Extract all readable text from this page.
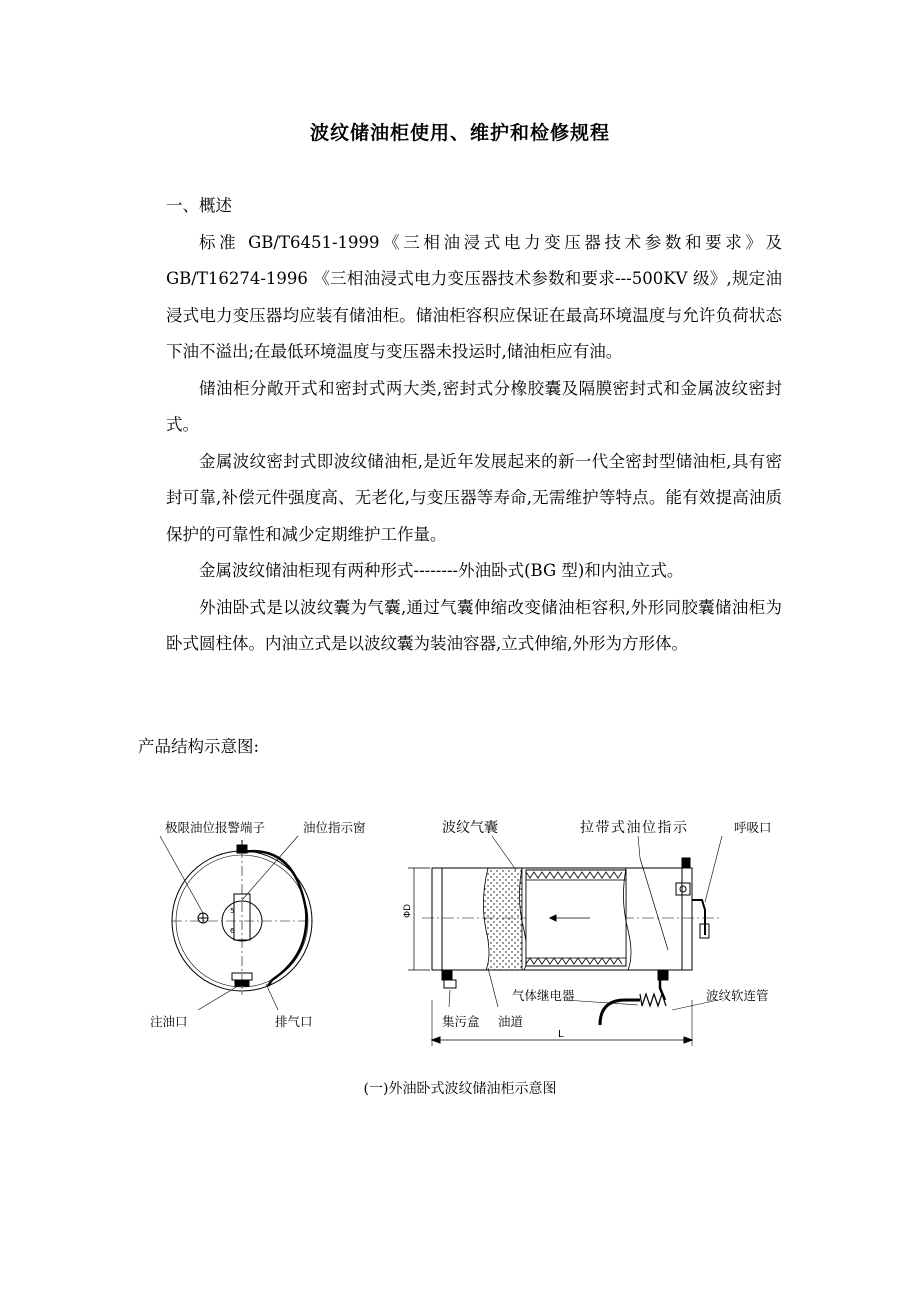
波纹储油柜使用、维护和检修规程

一、概述

标准 GB/T6451-1999《三相油浸式电力变压器技术参数和要求》及GB/T16274-1996 《三相油浸式电力变压器技术参数和要求---500KV 级》,规定油浸式电力变压器均应装有储油柜。储油柜容积应保证在最高环境温度与允许负荷状态下油不溢出;在最低环境温度与变压器未投运时,储油柜应有油。

储油柜分敞开式和密封式两大类,密封式分橡胶囊及隔膜密封式和金属波纹密封式。

金属波纹密封式即波纹储油柜,是近年发展起来的新一代全密封型储油柜,具有密封可靠,补偿元件强度高、无老化,与变压器等寿命,无需维护等特点。能有效提高油质保护的可靠性和减少定期维护工作量。

金属波纹储油柜现有两种形式--------外油卧式(BG 型)和内油立式。

外油卧式是以波纹囊为气囊,通过气囊伸缩改变储油柜容积,外形同胶囊储油柜为卧式圆柱体。内油立式是以波纹囊为装油容器,立式伸缩,外形为方形体。

产品结构示意图:
5
6
极限油位报警端子	油位指示窗
注油口	排气口
ΦD
L
波纹气囊	拉带式油位指示	呼吸口
气体继电器	波纹软连管
集污盒 油道
(一)外油卧式波纹储油柜示意图
